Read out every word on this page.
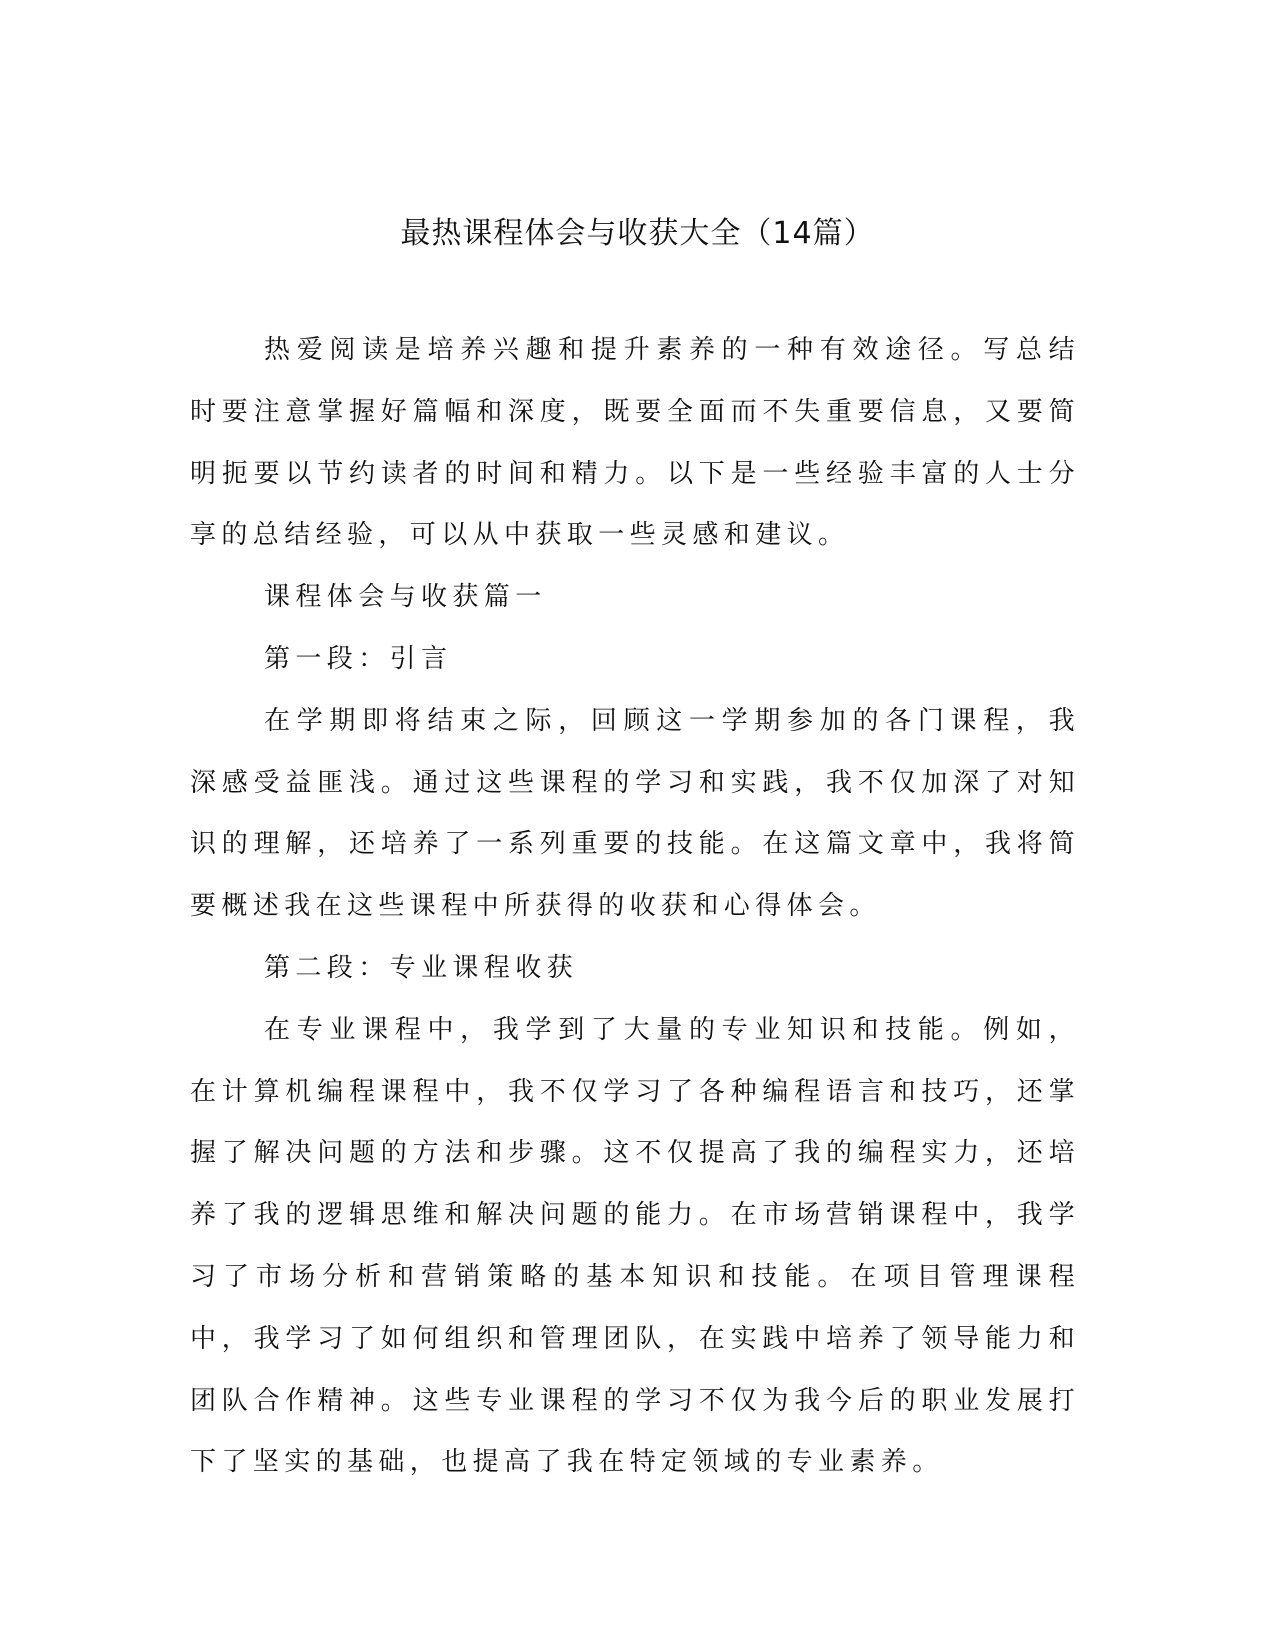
最热课程体会与收获大全（14篇）

热爱阅读是培养兴趣和提升素养的一种有效途径。写总结时要注意掌握好篇幅和深度，既要全面而不失重要信息，又要简明扼要以节约读者的时间和精力。以下是一些经验丰富的人士分享的总结经验，可以从中获取一些灵感和建议。

课程体会与收获篇一

第一段：引言

在学期即将结束之际，回顾这一学期参加的各门课程，我深感受益匪浅。通过这些课程的学习和实践，我不仅加深了对知识的理解，还培养了一系列重要的技能。在这篇文章中，我将简要概述我在这些课程中所获得的收获和心得体会。

第二段：专业课程收获

在专业课程中，我学到了大量的专业知识和技能。例如，在计算机编程课程中，我不仅学习了各种编程语言和技巧，还掌握了解决问题的方法和步骤。这不仅提高了我的编程实力，还培养了我的逻辑思维和解决问题的能力。在市场营销课程中，我学习了市场分析和营销策略的基本知识和技能。在项目管理课程中，我学习了如何组织和管理团队，在实践中培养了领导能力和团队合作精神。这些专业课程的学习不仅为我今后的职业发展打下了坚实的基础，也提高了我在特定领域的专业素养。
